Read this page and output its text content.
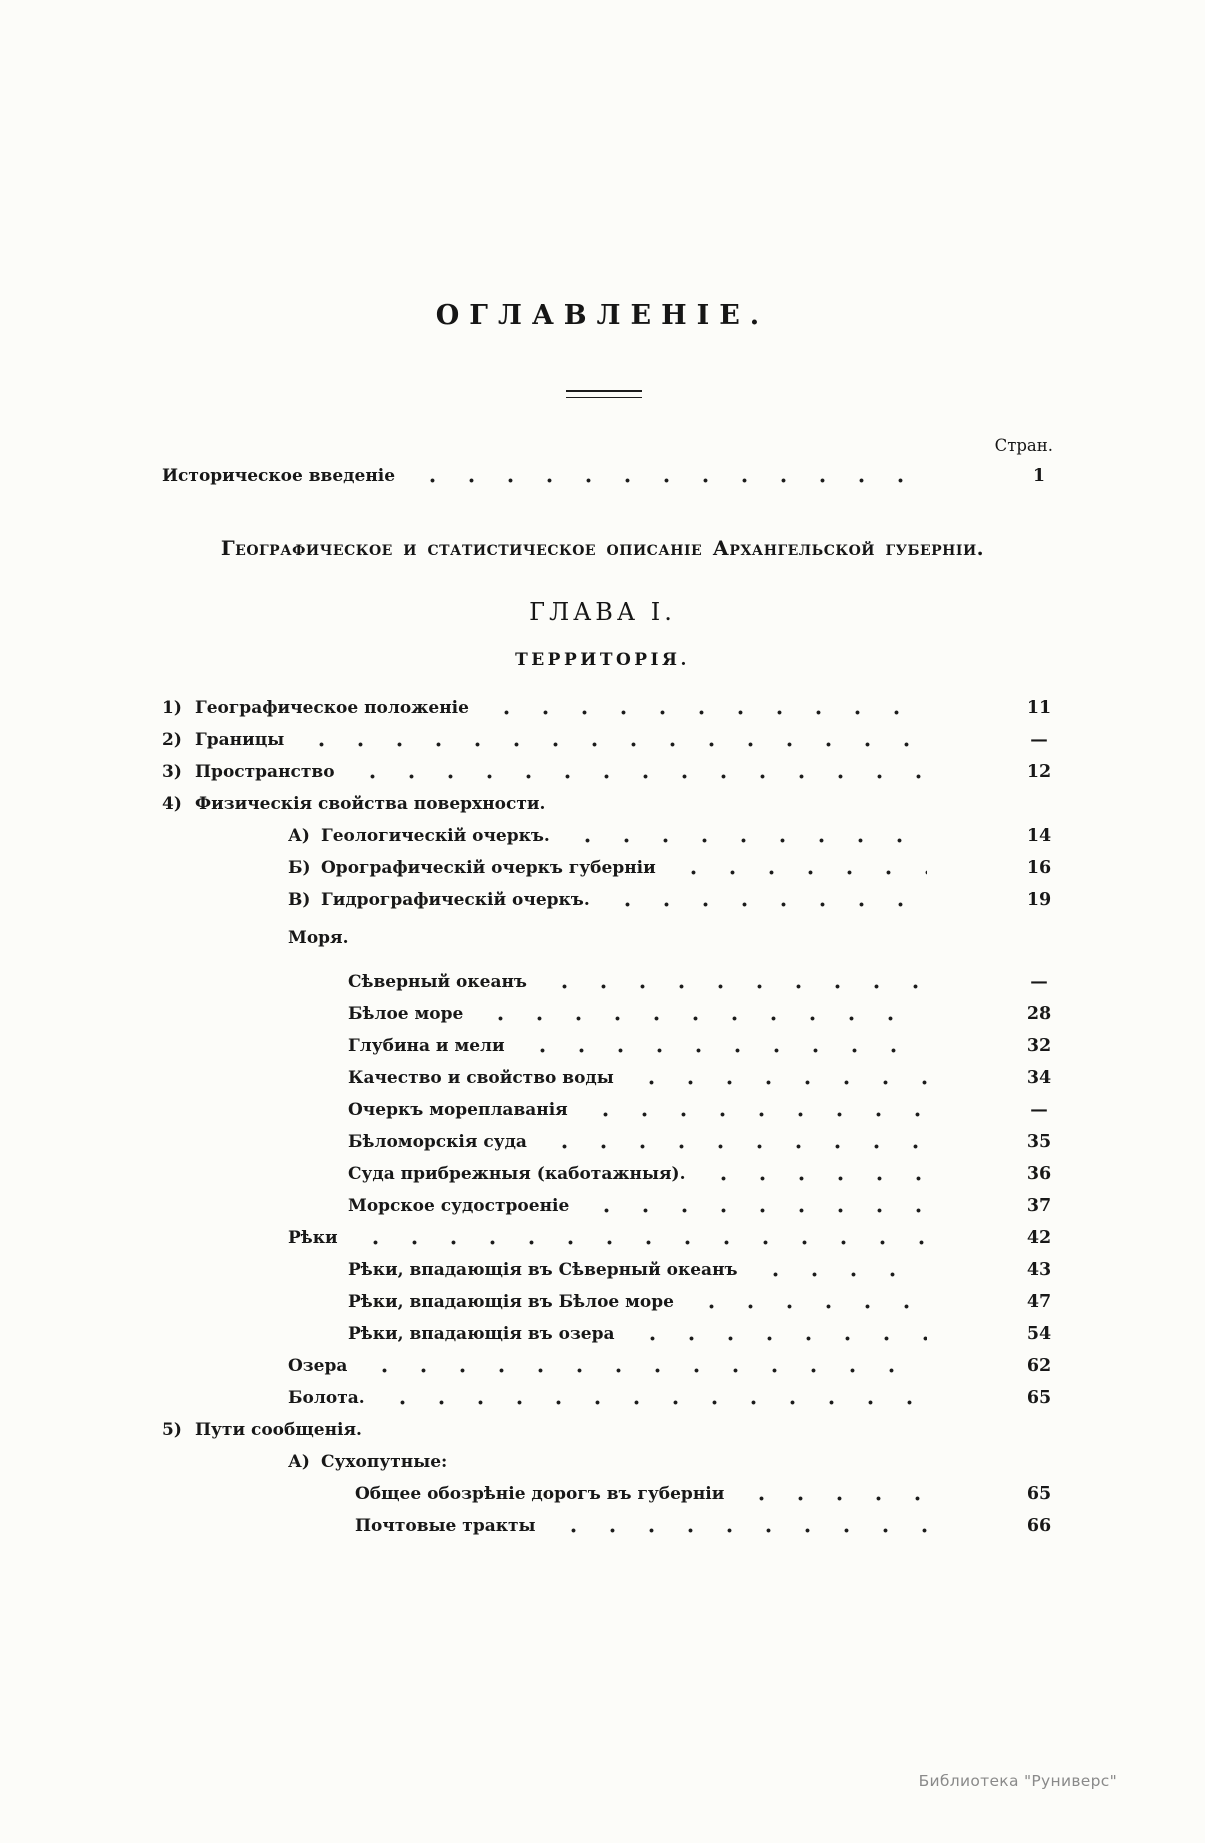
ОГЛАВЛЕНІЕ.
Стран.
Историческое введеніе	1
Географическое и статистическое описаніе Архангельской губерніи.
ГЛАВА I.
ТЕРРИТОРІЯ.
1) Географическое положеніе	11
2) Границы	—
3) Пространство	12
4) Физическія свойства поверхности.
А) Геологическій очеркъ.	14
Б) Орографическій очеркъ губерніи	16
В) Гидрографическій очеркъ.	19
Моря.
Сѣверный океанъ	—
Бѣлое море	28
Глубина и мели	32
Качество и свойство воды	34
Очеркъ мореплаванія	—
Бѣломорскія суда	35
Суда прибрежныя (каботажныя).	36
Морское судостроеніе	37
Рѣки	42
Рѣки, впадающія въ Сѣверный океанъ	43
Рѣки, впадающія въ Бѣлое море	47
Рѣки, впадающія въ озера	54
Озера	62
Болота.	65
5) Пути сообщенія.
А) Сухопутные:
Общее обозрѣніе дорогъ въ губерніи	65
Почтовые тракты	66
Библиотека "Руниверс"
